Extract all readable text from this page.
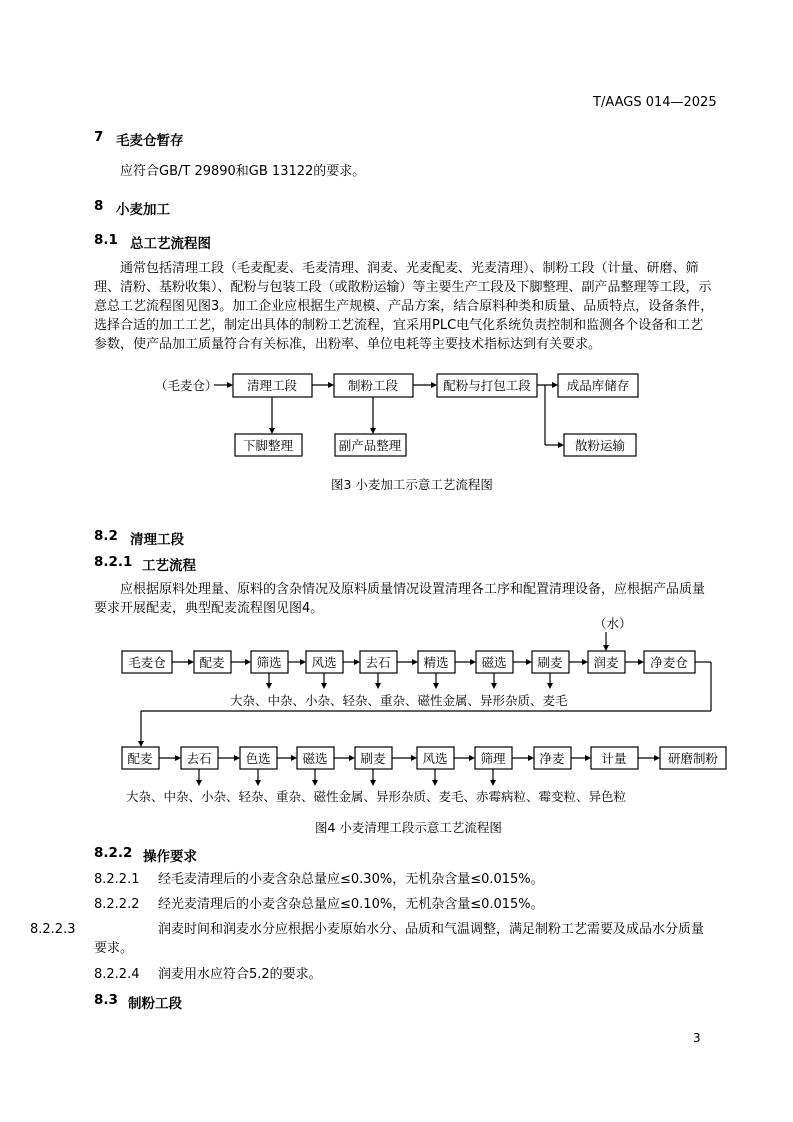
T/AAGS 014—2025
7 毛麦仓暂存
应符合GB/T 29890和GB 13122的要求。
8 小麦加工
8.1 总工艺流程图
通常包括清理工段（毛麦配麦、毛麦清理、润麦、光麦配麦、光麦清理）、制粉工段（计量、研磨、筛理、清粉、基粉收集）、配粉与包装工段（或散粉运输）等主要生产工段及下脚整理、副产品整理等工段，示意总工艺流程图见图3。加工企业应根据生产规模、产品方案，结合原料种类和质量、品质特点，设备条件，选择合适的加工工艺，制定出具体的制粉工艺流程，宜采用PLC电气化系统负责控制和监测各个设备和工艺参数，使产品加工质量符合有关标准，出粉率、单位电耗等主要技术指标达到有关要求。
（毛麦仓） 清理工段	制粉工段	配粉与打包工段	成品库储存
下脚整理	副产品整理	散粉运输
图3 小麦加工示意工艺流程图
8.2 清理工段
8.2.1 工艺流程
应根据原料处理量、原料的含杂情况及原料质量情况设置清理各工序和配置清理设备，应根据产品质量要求开展配麦，典型配麦流程图见图4。
（水）
毛麦仓	配麦	筛选 风选 去石	精选	磁选 刷麦 润麦	净麦仓
大杂、中杂、小杂、轻杂、重杂、磁性金属、异形杂质、麦毛
配麦	去石	色选	磁选	刷麦	风选	筛理	净麦	计量	研磨制粉
大杂、中杂、小杂、轻杂、重杂、磁性金属、异形杂质、麦毛、赤霉病粒、霉变粒、异色粒
图4 小麦清理工段示意工艺流程图
8.2.2 操作要求
8.2.2.1 经毛麦清理后的小麦含杂总量应≤0.30%，无机杂含量≤0.015%。
8.2.2.2 经光麦清理后的小麦含杂总量应≤0.10%，无机杂含量≤0.015%。
8.2.2.3	润麦时间和润麦水分应根据小麦原始水分、品质和气温调整，满足制粉工艺需要及成品水分质量要求。
8.2.2.4 润麦用水应符合5.2的要求。
8.3 制粉工段
3
